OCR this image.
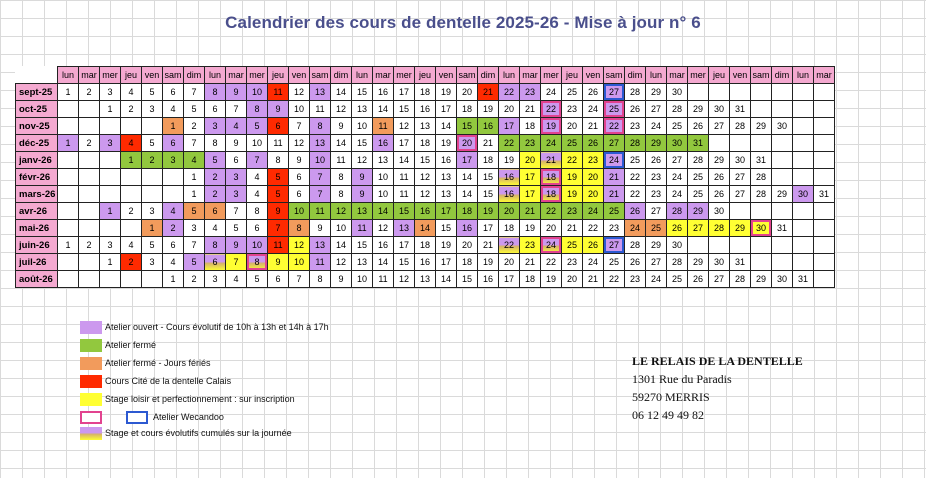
Calendrier des cours de dentelle 2025-26 - Mise à jour n° 6
	lun	mar	mer	jeu	ven	sam	dim	lun	mar	mer	jeu	ven	sam	dim	lun	mar	mer	jeu	ven	sam	dim	lun	mar	mer	jeu	ven	sam	dim	lun	mar	mer	jeu	ven	sam	dim	lun	mar
sept-25	1	2	3	4	5	6	7	8	9	10	11	12	13	14	15	16	17	18	19	20	21	22	23	24	25	26	27	28	29	30							
oct-25			1	2	3	4	5	6	7	8	9	10	11	12	13	14	15	16	17	18	19	20	21	22	23	24	25	26	27	28	29	30	31				
nov-25						1	2	3	4	5	6	7	8	9	10	11	12	13	14	15	16	17	18	19	20	21	22	23	24	25	26	27	28	29	30		
déc-25	1	2	3	4	5	6	7	8	9	10	11	12	13	14	15	16	17	18	19	20	21	22	23	24	25	26	27	28	29	30	31						
janv-26				1	2	3	4	5	6	7	8	9	10	11	12	13	14	15	16	17	18	19	20	21	22	23	24	25	26	27	28	29	30	31			
févr-26							1	2	3	4	5	6	7	8	9	10	11	12	13	14	15	16	17	18	19	20	21	22	23	24	25	26	27	28			
mars-26							1	2	3	4	5	6	7	8	9	10	11	12	13	14	15	16	17	18	19	20	21	22	23	24	25	26	27	28	29	30	31
avr-26			1	2	3	4	5	6	7	8	9	10	11	12	13	14	15	16	17	18	19	20	21	22	23	24	25	26	27	28	29	30					
mai-26					1	2	3	4	5	6	7	8	9	10	11	12	13	14	15	16	17	18	19	20	21	22	23	24	25	26	27	28	29	30	31		
juin-26	1	2	3	4	5	6	7	8	9	10	11	12	13	14	15	16	17	18	19	20	21	22	23	24	25	26	27	28	29	30							
juil-26			1	2	3	4	5	6	7	8	9	10	11	12	13	14	15	16	17	18	19	20	21	22	23	24	25	26	27	28	29	30	31				
août-26						1	2	3	4	5	6	7	8	9	10	11	12	13	14	15	16	17	18	19	20	21	22	23	24	25	26	27	28	29	30	31	
Atelier ouvert - Cours évolutif de 10h à 13h et 14h à 17h
Atelier fermé
Atelier fermé - Jours fériés
Cours Cité de la dentelle Calais
Stage loisir et perfectionnement : sur inscription
Atelier Wecandoo
Stage et cours évolutifs cumulés sur la journée
LE RELAIS DE LA DENTELLE
1301 Rue du Paradis
59270 MERRIS
06 12 49 49 82
